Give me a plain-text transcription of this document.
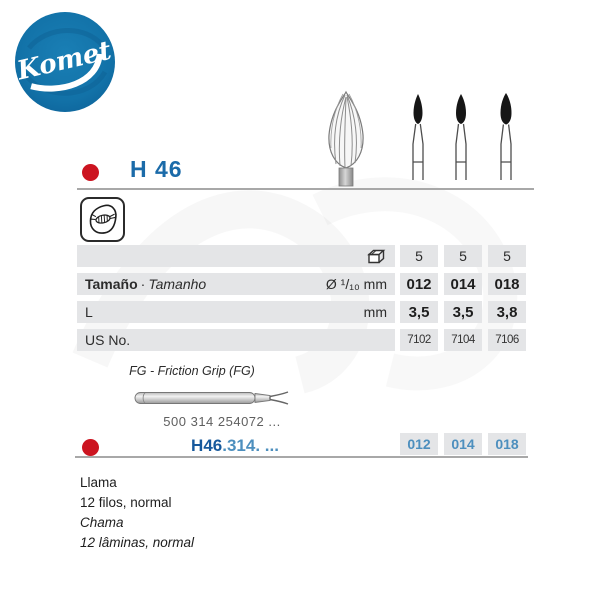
Komet
H 46
5	5	5
Tamaño · Tamanho	Ø ¹/₁₀ mm	012	014	018
L	mm	3,5	3,5	3,8
US No.	7102	7104	7106
FG - Friction Grip (FG)
500 314 254072 ...
H46.314. ...	012	014	018
Llama
12 filos, normal
Chama
12 lâminas, normal
